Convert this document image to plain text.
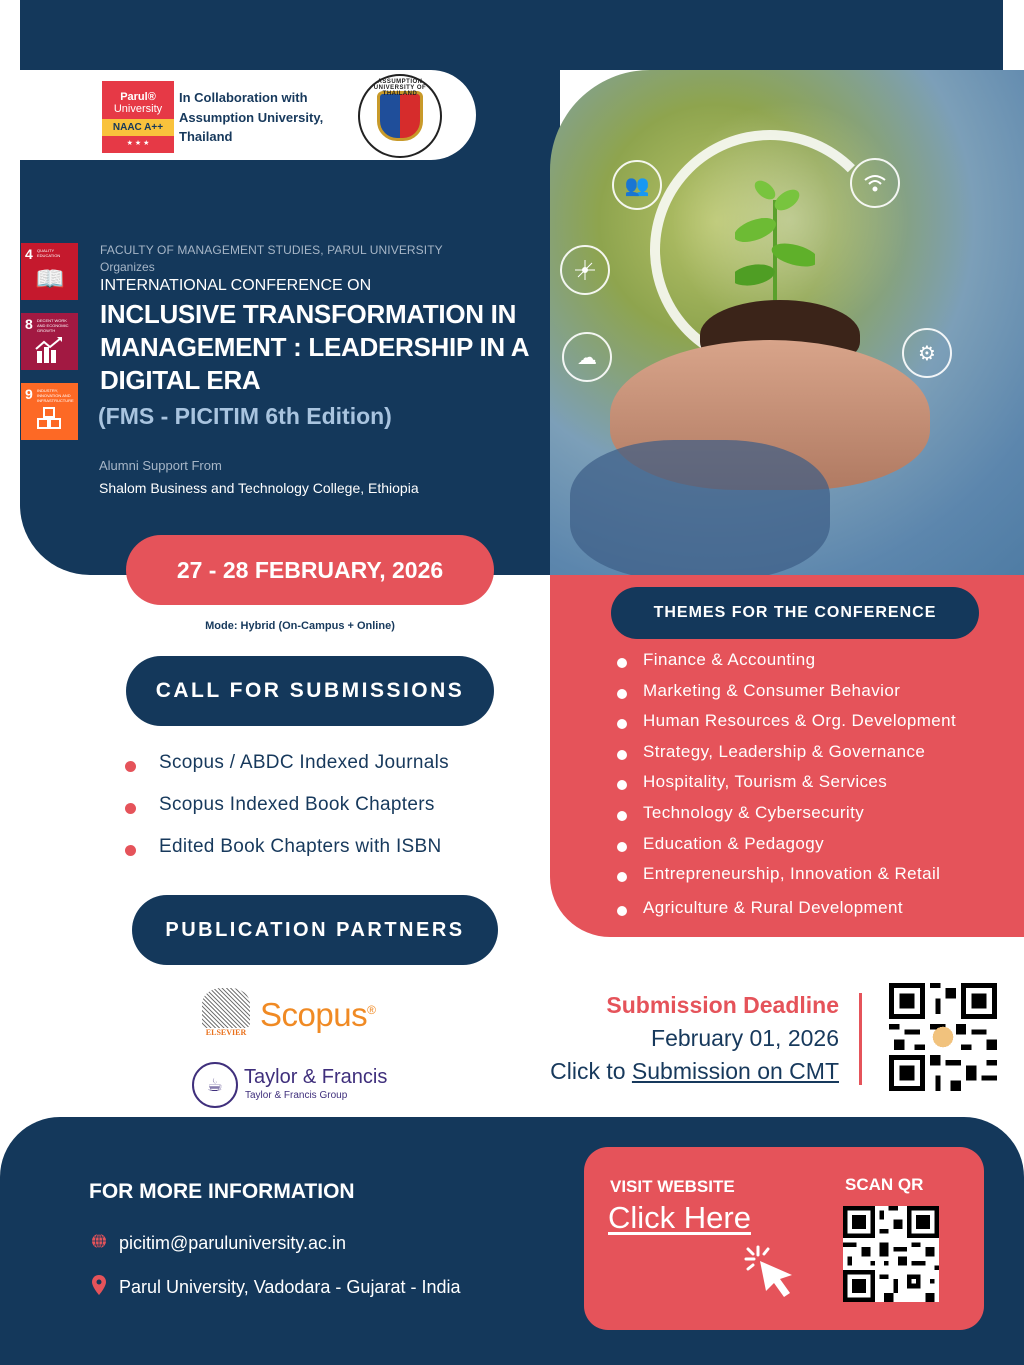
Parul®
University
NAAC A++
★ ★ ★
In Collaboration with Assumption University, Thailand
ASSUMPTION UNIVERSITY OF THAILAND
4 QUALITY EDUCATION
📖
8 DECENT WORK AND ECONOMIC GROWTH
9 INDUSTRY, INNOVATION AND INFRASTRUCTURE
FACULTY OF MANAGEMENT STUDIES, PARUL UNIVERSITY
Organizes
INTERNATIONAL CONFERENCE ON
INCLUSIVE TRANSFORMATION IN MANAGEMENT : LEADERSHIP IN A DIGITAL ERA
(FMS - PICITIM 6th Edition)
Alumni Support From
Shalom Business and Technology College, Ethiopia
👥
☁	⚙
27 - 28 FEBRUARY, 2026
Mode: Hybrid (On-Campus + Online)
CALL FOR SUBMISSIONS
Scopus / ABDC Indexed Journals
Scopus Indexed Book Chapters
Edited Book Chapters with ISBN
PUBLICATION PARTNERS
ELSEVIER Scopus®
☕	Taylor & Francis
Taylor & Francis Group
THEMES FOR THE CONFERENCE
Finance & Accounting
Marketing & Consumer Behavior
Human Resources & Org. Development
Strategy, Leadership & Governance
Hospitality, Tourism & Services
Technology & Cybersecurity
Education & Pedagogy
Entrepreneurship, Innovation & Retail
Agriculture & Rural Development
Submission Deadline
February 01, 2026
Click to Submission on CMT
FOR MORE INFORMATION
picitim@paruluniversity.ac.in
Parul University, Vadodara - Gujarat - India
VISIT WEBSITE
Click Here
SCAN QR
